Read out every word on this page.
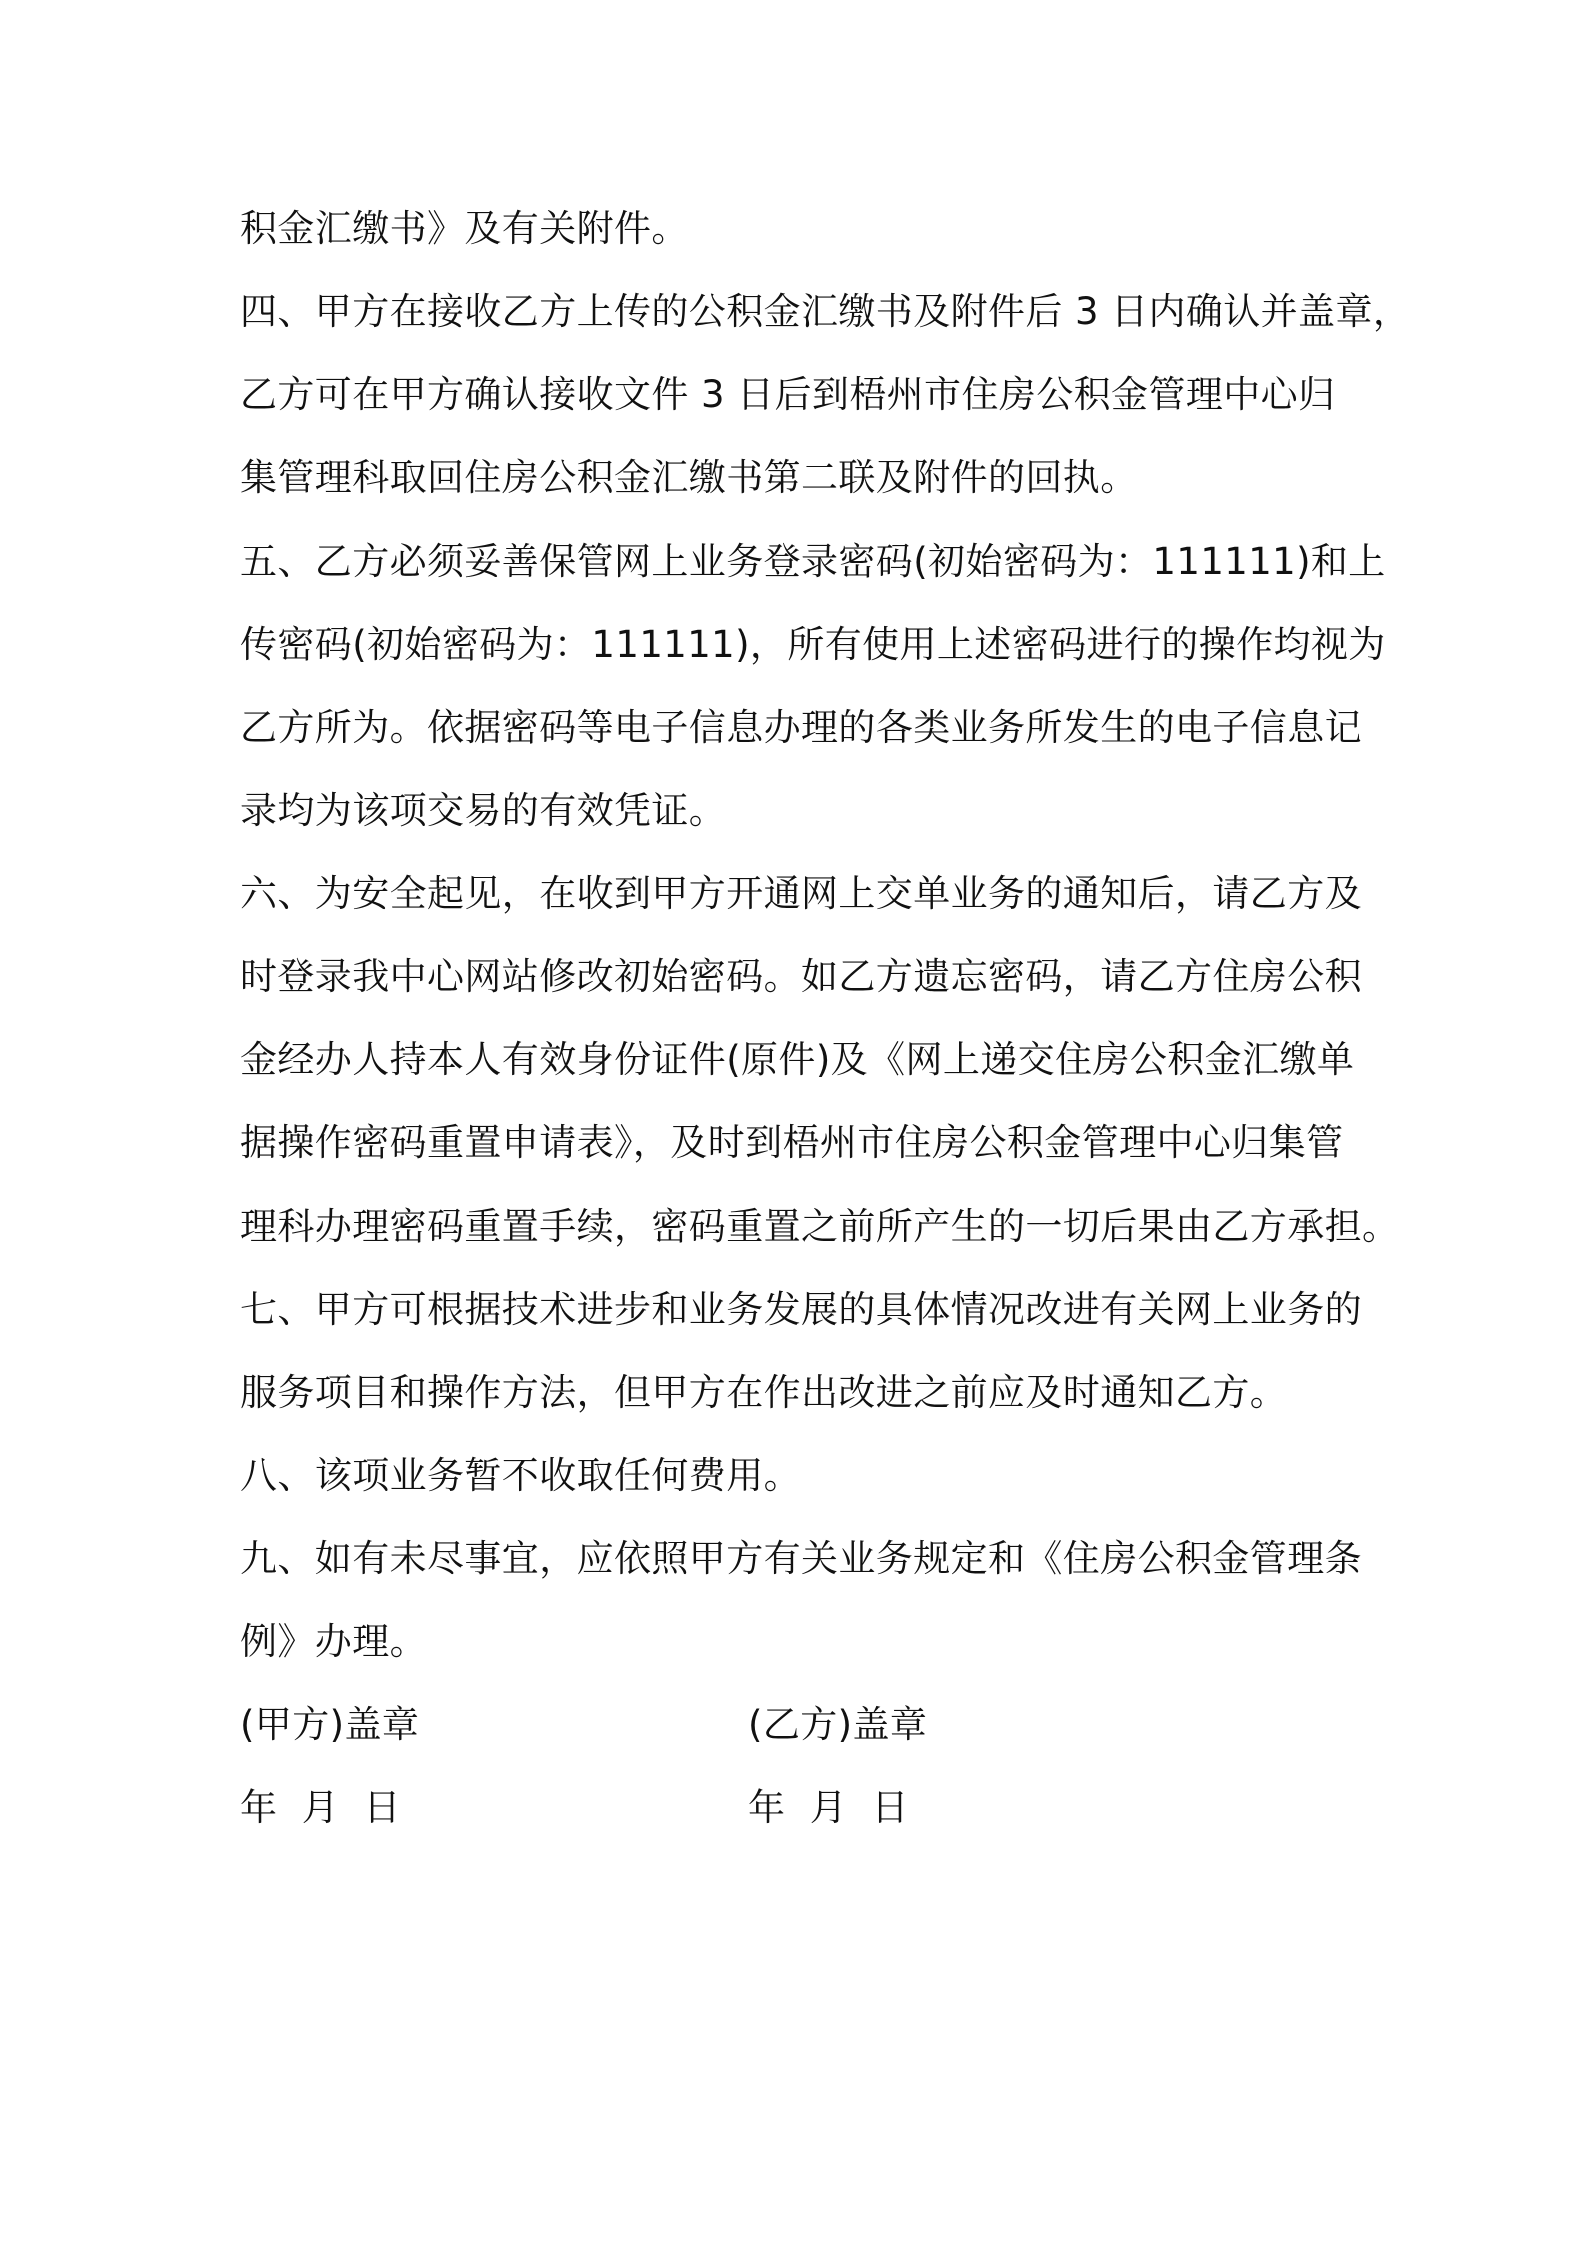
积金汇缴书》及有关附件。
四、甲方在接收乙方上传的公积金汇缴书及附件后 3 日内确认并盖章，
乙方可在甲方确认接收文件 3 日后到梧州市住房公积金管理中心归
集管理科取回住房公积金汇缴书第二联及附件的回执。
五、乙方必须妥善保管网上业务登录密码(初始密码为：111111)和上
传密码(初始密码为：111111)，所有使用上述密码进行的操作均视为
乙方所为。依据密码等电子信息办理的各类业务所发生的电子信息记
录均为该项交易的有效凭证。
六、为安全起见，在收到甲方开通网上交单业务的通知后，请乙方及
时登录我中心网站修改初始密码。如乙方遗忘密码，请乙方住房公积
金经办人持本人有效身份证件(原件)及《网上递交住房公积金汇缴单
据操作密码重置申请表》，及时到梧州市住房公积金管理中心归集管
理科办理密码重置手续，密码重置之前所产生的一切后果由乙方承担。
七、甲方可根据技术进步和业务发展的具体情况改进有关网上业务的
服务项目和操作方法，但甲方在作出改进之前应及时通知乙方。
八、该项业务暂不收取任何费用。
九、如有未尽事宜，应依照甲方有关业务规定和《住房公积金管理条
例》办理。
(甲方)盖章	(乙方)盖章
年  月  日	年  月  日
